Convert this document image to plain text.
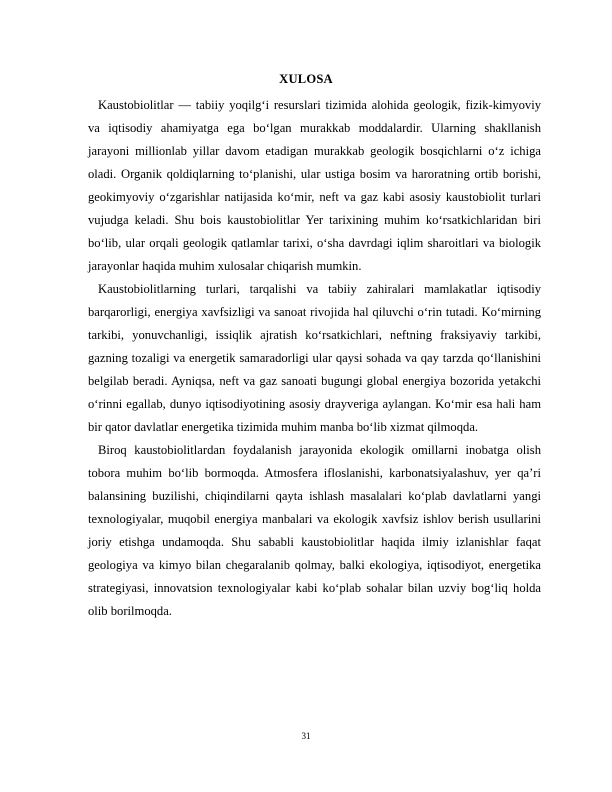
XULOSA

Kaustobiolitlar — tabiiy yoqilg‘i resurslari tizimida alohida geologik, fizik-kimyoviy va iqtisodiy ahamiyatga ega bo‘lgan murakkab moddalardir. Ularning shakllanish jarayoni millionlab yillar davom etadigan murakkab geologik bosqichlarni o‘z ichiga oladi. Organik qoldiqlarning to‘planishi, ular ustiga bosim va haroratning ortib borishi, geokimyoviy o‘zgarishlar natijasida ko‘mir, neft va gaz kabi asosiy kaustobiolit turlari vujudga keladi. Shu bois kaustobiolitlar Yer tarixining muhim ko‘rsatkichlaridan biri bo‘lib, ular orqali geologik qatlamlar tarixi, o‘sha davrdagi iqlim sharoitlari va biologik jarayonlar haqida muhim xulosalar chiqarish mumkin.

Kaustobiolitlarning turlari, tarqalishi va tabiiy zahiralari mamlakatlar iqtisodiy barqarorligi, energiya xavfsizligi va sanoat rivojida hal qiluvchi o‘rin tutadi. Ko‘mirning tarkibi, yonuvchanligi, issiqlik ajratish ko‘rsatkichlari, neftning fraksiyaviy tarkibi, gazning tozaligi va energetik samaradorligi ular qaysi sohada va qay tarzda qo‘llanishini belgilab beradi. Ayniqsa, neft va gaz sanoati bugungi global energiya bozorida yetakchi o‘rinni egallab, dunyo iqtisodiyotining asosiy drayveriga aylangan. Ko‘mir esa hali ham bir qator davlatlar energetika tizimida muhim manba bo‘lib xizmat qilmoqda.

Biroq kaustobiolitlardan foydalanish jarayonida ekologik omillarni inobatga olish tobora muhim bo‘lib bormoqda. Atmosfera ifloslanishi, karbonatsiyalashuv, yer qa’ri balansining buzilishi, chiqindilarni qayta ishlash masalalari ko‘plab davlatlarni yangi texnologiyalar, muqobil energiya manbalari va ekologik xavfsiz ishlov berish usullarini joriy etishga undamoqda. Shu sababli kaustobiolitlar haqida ilmiy izlanishlar faqat geologiya va kimyo bilan chegaralanib qolmay, balki ekologiya, iqtisodiyot, energetika strategiyasi, innovatsion texnologiyalar kabi ko‘plab sohalar bilan uzviy bog‘liq holda olib borilmoqda.

31
